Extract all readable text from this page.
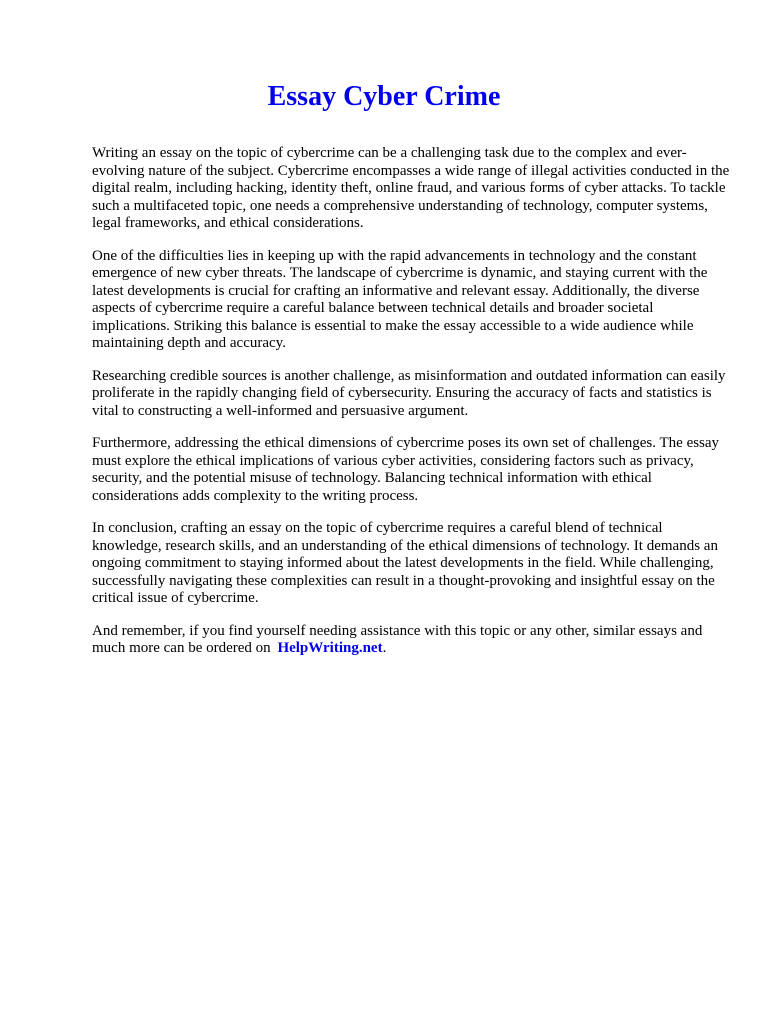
Essay Cyber Crime

Writing an essay on the topic of cybercrime can be a challenging task due to the complex and ever-evolving nature of the subject. Cybercrime encompasses a wide range of illegal activities conducted in the digital realm, including hacking, identity theft, online fraud, and various forms of cyber attacks. To tackle such a multifaceted topic, one needs a comprehensive understanding of technology, computer systems, legal frameworks, and ethical considerations.

One of the difficulties lies in keeping up with the rapid advancements in technology and the constant emergence of new cyber threats. The landscape of cybercrime is dynamic, and staying current with the latest developments is crucial for crafting an informative and relevant essay. Additionally, the diverse aspects of cybercrime require a careful balance between technical details and broader societal implications. Striking this balance is essential to make the essay accessible to a wide audience while maintaining depth and accuracy.

Researching credible sources is another challenge, as misinformation and outdated information can easily proliferate in the rapidly changing field of cybersecurity. Ensuring the accuracy of facts and statistics is vital to constructing a well-informed and persuasive argument.

Furthermore, addressing the ethical dimensions of cybercrime poses its own set of challenges. The essay must explore the ethical implications of various cyber activities, considering factors such as privacy, security, and the potential misuse of technology. Balancing technical information with ethical considerations adds complexity to the writing process.

In conclusion, crafting an essay on the topic of cybercrime requires a careful blend of technical knowledge, research skills, and an understanding of the ethical dimensions of technology. It demands an ongoing commitment to staying informed about the latest developments in the field. While challenging, successfully navigating these complexities can result in a thought-provoking and insightful essay on the critical issue of cybercrime.

And remember, if you find yourself needing assistance with this topic or any other, similar essays and much more can be ordered on HelpWriting.net.
